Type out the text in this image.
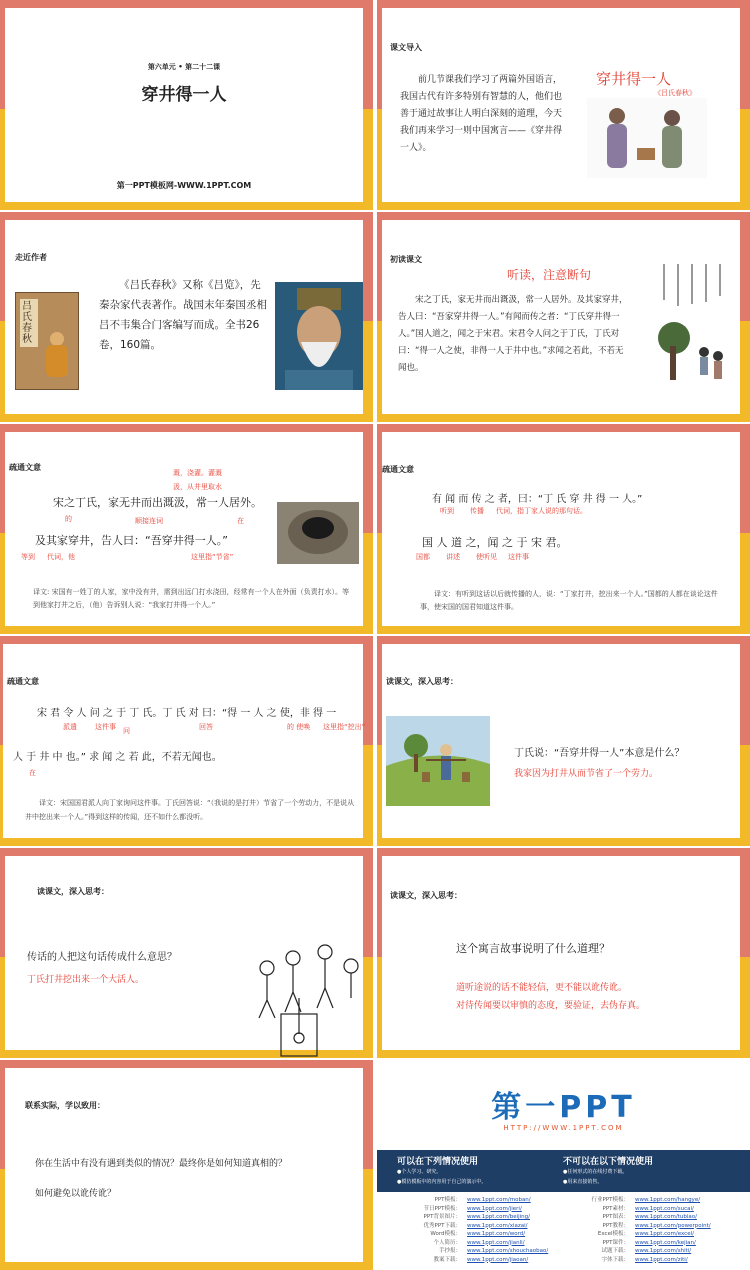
第六单元 • 第二十二课

穿井得一人

第一PPT模板网-WWW.1PPT.COM

课文导入

前几节课我们学习了两篇外国语言，我国古代有许多特别有智慧的人，他们也善于通过故事让人明白深刻的道理，今天我们再来学习一则中国寓言——《穿井得一人》。

穿井得一人

《吕氏春秋》

走近作者

《吕氏春秋》又称《吕览》，先秦杂家代表著作。战国末年秦国丞相吕不韦集合门客编写而成。全书26卷，160篇。

吕氏春秋

初读课文

听读，注意断句

宋之丁氏，家无井而出溉汲，常一人居外。及其家穿井，告人曰：“吾家穿井得一人。”有闻而传之者：“丁氏穿井得一人。”国人道之，闻之于宋君。宋君令人问之于丁氏，丁氏对曰：“得一人之使，非得一人于井中也。”求闻之若此，不若无闻也。

疏通文意

溉，浇灌。灌溉

汲，从井里取水

宋之丁氏，家无井而出溉汲，常一人居外。

的	顺接连词	在

及其家穿井，告人曰：“吾穿井得一人。”

等到 代词，他	这里指“节省”

译文: 宋国有一姓丁的人家，家中没有井，需到出远门打水浇田，经常有一个人在外面（负责打水）。等到他家打井之后，（他）告诉别人说：“我家打井得一个人。”

疏通文意

有 闻 而 传 之 者，曰：“丁 氏 穿 井 得 一 人。”

听到 传播 代词，指丁家人说的那句话。

国 人 道 之，闻 之 于 宋 君。

国都 讲述 使听见 这件事

译文：有听到这话以后就传播的人，说：“丁家打井，挖出来一个人。”国都的人都在谈论这件事，使宋国的国君知道这件事。

疏通文意

宋 君 令 人 问 之 于 丁 氏。丁 氏 对 曰：“得 一 人 之 使，非 得 一

派遣	这件事 问	回答	的 使唤 这里指“挖出”

人 于 井 中 也。” 求 闻 之 若 此，不若无闻也。

在

译文：宋国国君派人向丁家询问这件事。丁氏回答说：“（我说的是打井）节省了一个劳动力，不是说从井中挖出来一个人。”得到这样的传闻，还不如什么都没听。

读课文，深入思考：

丁氏说：“吾穿井得一人”本意是什么？

我家因为打井从而节省了一个劳力。

读课文，深入思考：

传话的人把这句话传成什么意思？

丁氏打井挖出来一个大活人。

读课文，深入思考：

这个寓言故事说明了什么道理？

道听途说的话不能轻信，更不能以讹传讹。

对待传闻要以审慎的态度，要验证，去伪存真。

联系实际，学以致用：

你在生活中有没有遇到类似的情况？最终你是如何知道真相的？

如何避免以讹传讹？

第一PPT

HTTP://WWW.1PPT.COM

可以在下列情况使用

●个人学习、研究。

●模仿模板中的内容用于自己的演示中。

不可以在以下情况使用

●任何形式的在线付费下载。

●用来直接销售。

PPT模板： www.1ppt.com/moban/
节日PPT模板： www.1ppt.com/jieri/
PPT背景图片： www.1ppt.com/beijing/
优秀PPT下载： www.1ppt.com/xiazai/
Word模板： www.1ppt.com/word/
个人简历： www.1ppt.com/jianli/
手抄报： www.1ppt.com/shouchaobao/
教案下载： www.1ppt.com/jiaoan/
行业PPT模板： www.1ppt.com/hangye/
PPT素材： www.1ppt.com/sucai/
PPT图表： www.1ppt.com/tubiao/
PPT教程： www.1ppt.com/powerpoint/
Excel模板： www.1ppt.com/excel/
PPT课件： www.1ppt.com/kejian/
试题下载： www.1ppt.com/shiti/
字体下载： www.1ppt.com/ziti/
